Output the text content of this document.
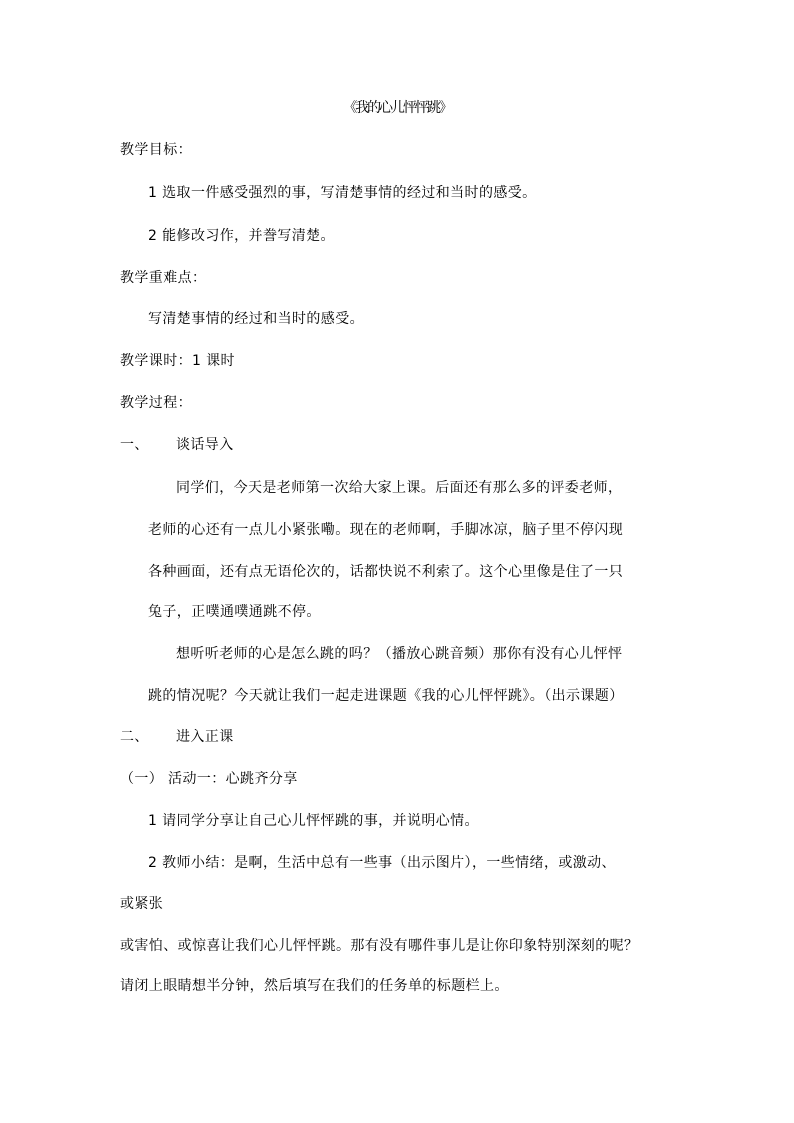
《我的心儿怦怦跳》
教学目标：
1 选取一件感受强烈的事，写清楚事情的经过和当时的感受。
2 能修改习作，并誊写清楚。
教学重难点：
写清楚事情的经过和当时的感受。
教学课时：1 课时
教学过程：
一、 谈话导入
同学们，今天是老师第一次给大家上课。后面还有那么多的评委老师，
老师的心还有一点儿小紧张嘞。现在的老师啊，手脚冰凉，脑子里不停闪现
各种画面，还有点无语伦次的，话都快说不利索了。这个心里像是住了一只
兔子，正噗通噗通跳不停。
想听听老师的心是怎么跳的吗？（播放心跳音频）那你有没有心儿怦怦
跳的情况呢？今天就让我们一起走进课题《我的心儿怦怦跳》。（出示课题）
二、 进入正课
（一） 活动一：心跳齐分享
1 请同学分享让自己心儿怦怦跳的事，并说明心情。
2 教师小结：是啊，生活中总有一些事（出示图片），一些情绪，或激动、
或紧张
或害怕、或惊喜让我们心儿怦怦跳。那有没有哪件事儿是让你印象特别深刻的呢？
请闭上眼睛想半分钟，然后填写在我们的任务单的标题栏上。
